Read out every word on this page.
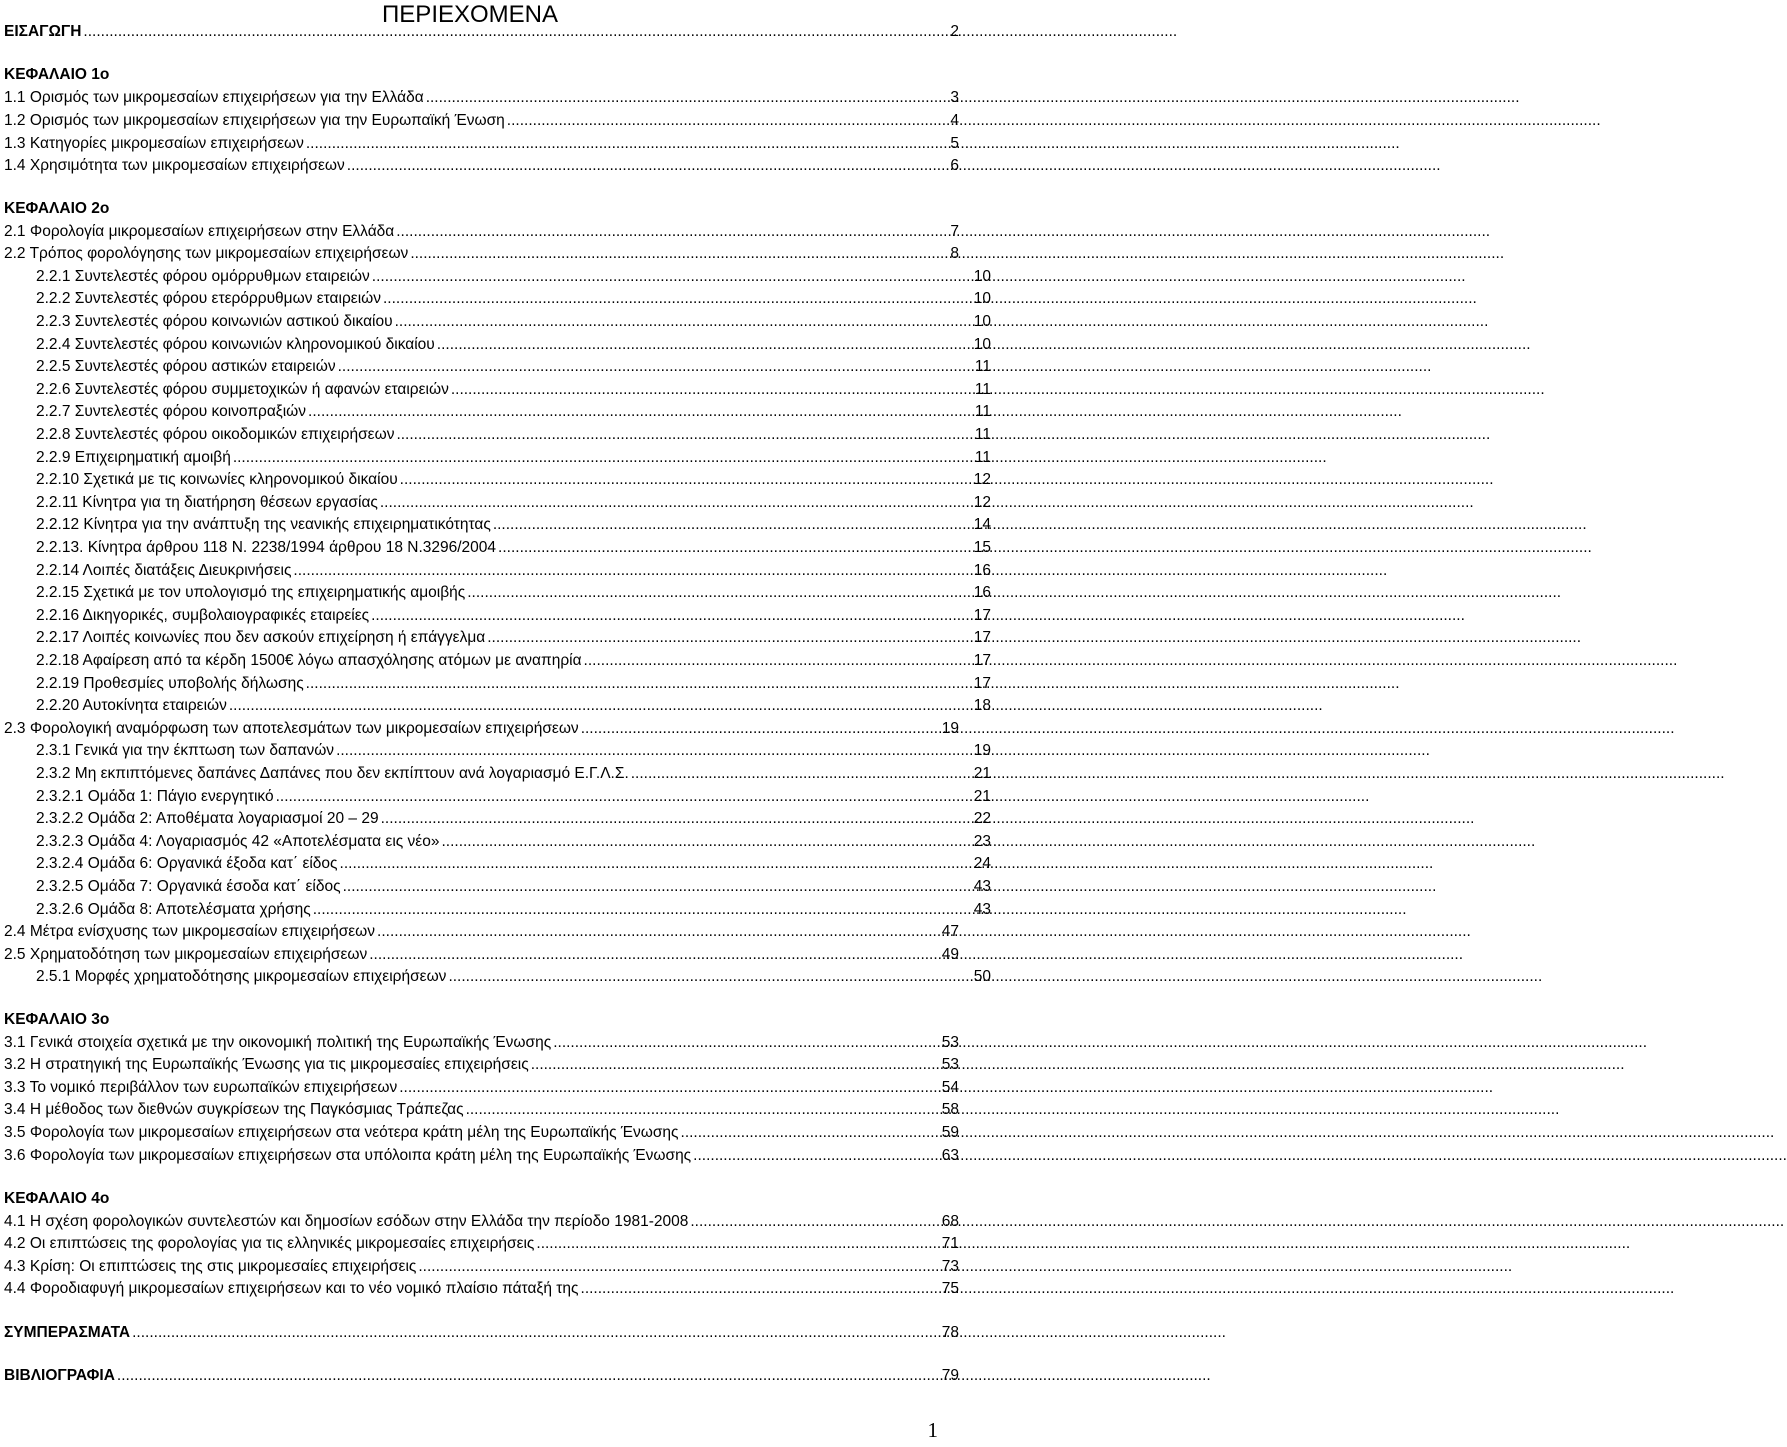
ΠΕΡΙΕΧΟΜΕΝΑ
ΕΙΣΑΓΩΓΗ .....	2
ΚΕΦΑΛΑΙΟ 1ο
1.1 Ορισμός των μικρομεσαίων επιχειρήσεων για την Ελλάδα .....	3
1.2 Ορισμός των μικρομεσαίων επιχειρήσεων για την Ευρωπαϊκή Ένωση .....	4
1.3 Κατηγορίες μικρομεσαίων επιχειρήσεων .....	5
1.4 Χρησιμότητα των μικρομεσαίων επιχειρήσεων .....	6
ΚΕΦΑΛΑΙΟ 2ο
2.1 Φορολογία μικρομεσαίων επιχειρήσεων στην Ελλάδα .....	7
2.2 Τρόπος φορολόγησης των μικρομεσαίων επιχειρήσεων .....	8
2.2.1 Συντελεστές φόρου ομόρρυθμων εταιρειών .....	10
2.2.2 Συντελεστές φόρου ετερόρρυθμων εταιρειών .....	10
2.2.3 Συντελεστές φόρου κοινωνιών αστικού δικαίου .....	10
2.2.4 Συντελεστές φόρου κοινωνιών κληρονομικού δικαίου .....	10
2.2.5 Συντελεστές φόρου αστικών εταιρειών .....	11
2.2.6 Συντελεστές φόρου συμμετοχικών ή αφανών εταιρειών .....	11
2.2.7 Συντελεστές φόρου κοινοπραξιών .....	11
2.2.8 Συντελεστές φόρου οικοδομικών επιχειρήσεων .....	11
2.2.9 Επιχειρηματική αμοιβή .....	11
2.2.10 Σχετικά με τις κοινωνίες κληρονομικού δικαίου .....	12
2.2.11 Κίνητρα για τη διατήρηση θέσεων εργασίας .....	12
2.2.12 Κίνητρα για την ανάπτυξη της νεανικής επιχειρηματικότητας .....	14
2.2.13. Κίνητρα άρθρου 118 Ν. 2238/1994 άρθρου 18 Ν.3296/2004 .....	15
2.2.14 Λοιπές διατάξεις Διευκρινήσεις .....	16
2.2.15 Σχετικά με τον υπολογισμό της επιχειρηματικής αμοιβής .....	16
2.2.16 Δικηγορικές, συμβολαιογραφικές εταιρείες .....	17
2.2.17 Λοιπές κοινωνίες που δεν ασκούν επιχείρηση ή επάγγελμα .....	17
2.2.18 Αφαίρεση από τα κέρδη 1500€ λόγω απασχόλησης ατόμων με αναπηρία .....	17
2.2.19 Προθεσμίες υποβολής δήλωσης .....	17
2.2.20 Αυτοκίνητα εταιρειών .....	18
2.3 Φορολογική αναμόρφωση των αποτελεσμάτων των μικρομεσαίων επιχειρήσεων .....	19
2.3.1 Γενικά για την έκπτωση των δαπανών .....	19
2.3.2 Μη εκπιπτόμενες δαπάνες Δαπάνες που δεν εκπίπτουν ανά λογαριασμό Ε.Γ.Λ.Σ. .....	21
2.3.2.1 Ομάδα 1: Πάγιο ενεργητικό .....	21
2.3.2.2 Ομάδα 2: Αποθέματα λογαριασμοί 20 – 29 .....	22
2.3.2.3 Ομάδα 4: Λογαριασμός 42 «Αποτελέσματα εις νέο» .....	23
2.3.2.4 Ομάδα 6: Οργανικά έξοδα κατ΄ είδος .....	24
2.3.2.5 Ομάδα 7: Οργανικά έσοδα κατ΄ είδος .....	43
2.3.2.6 Ομάδα 8: Αποτελέσματα χρήσης .....	43
2.4 Μέτρα ενίσχυσης των μικρομεσαίων επιχειρήσεων .....	47
2.5 Χρηματοδότηση των μικρομεσαίων επιχειρήσεων .....	49
2.5.1 Μορφές χρηματοδότησης μικρομεσαίων επιχειρήσεων .....	50
ΚΕΦΑΛΑΙΟ 3ο
3.1 Γενικά στοιχεία σχετικά με την οικονομική πολιτική της Ευρωπαϊκής Ένωσης .....	53
3.2 Η στρατηγική της Ευρωπαϊκής Ένωσης για τις μικρομεσαίες επιχειρήσεις .....	53
3.3 Το νομικό περιβάλλον των ευρωπαϊκών επιχειρήσεων .....	54
3.4 Η μέθοδος των διεθνών συγκρίσεων της Παγκόσμιας Τράπεζας .....	58
3.5 Φορολογία των μικρομεσαίων επιχειρήσεων στα νεότερα κράτη μέλη της Ευρωπαϊκής Ένωσης .....	59
3.6 Φορολογία των μικρομεσαίων επιχειρήσεων στα υπόλοιπα κράτη μέλη της Ευρωπαϊκής Ένωσης .....	63
ΚΕΦΑΛΑΙΟ 4ο
4.1 Η σχέση φορολογικών συντελεστών και δημοσίων εσόδων στην Ελλάδα την περίοδο 1981-2008 .....	68
4.2 Οι επιπτώσεις της φορολογίας για τις ελληνικές μικρομεσαίες επιχειρήσεις .....	71
4.3 Κρίση: Οι επιπτώσεις της στις μικρομεσαίες επιχειρήσεις .....	73
4.4 Φοροδιαφυγή μικρομεσαίων επιχειρήσεων και το νέο νομικό πλαίσιο πάταξή της .....	75
ΣΥΜΠΕΡΑΣΜΑΤΑ .....	78
ΒΙΒΛΙΟΓΡΑΦΙΑ .....	79
1
